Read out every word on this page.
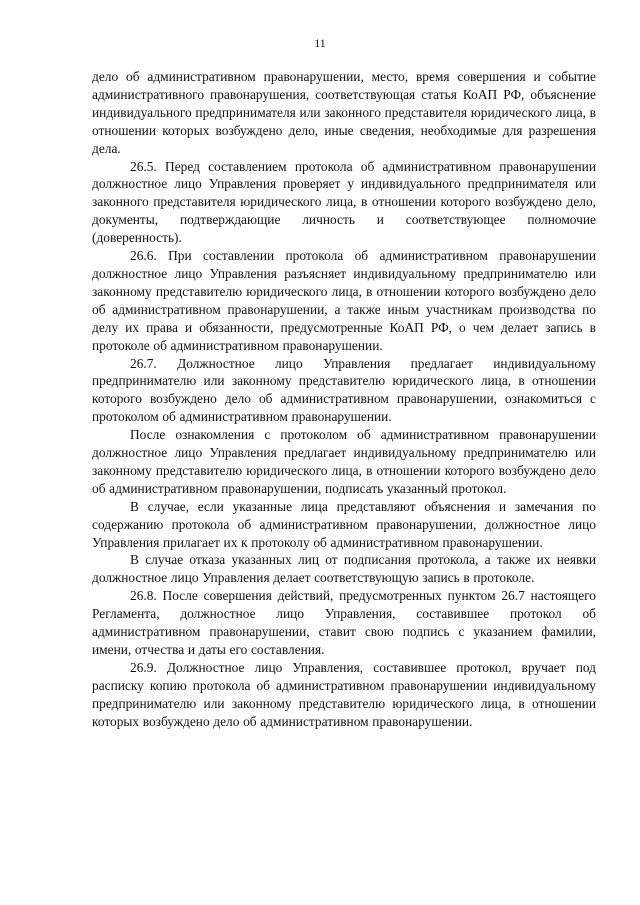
11

дело об административном правонарушении, место, время совершения и событие административного правонарушения, соответствующая статья КоАП РФ, объяснение индивидуального предпринимателя или законного представителя юридического лица, в отношении которых возбуждено дело, иные сведения, необходимые для разрешения дела.

26.5. Перед составлением протокола об административном правонарушении должностное лицо Управления проверяет у индивидуального предпринимателя или законного представителя юридического лица, в отношении которого возбуждено дело, документы, подтверждающие личность и соответствующее полномочие (доверенность).

26.6. При составлении протокола об административном правонарушении должностное лицо Управления разъясняет индивидуальному предпринимателю или законному представителю юридического лица, в отношении которого возбуждено дело об административном правонарушении, а также иным участникам производства по делу их права и обязанности, предусмотренные КоАП РФ, о чем делает запись в протоколе об административном правонарушении.

26.7. Должностное лицо Управления предлагает индивидуальному предпринимателю или законному представителю юридического лица, в отношении которого возбуждено дело об административном правонарушении, ознакомиться с протоколом об административном правонарушении.

После ознакомления с протоколом об административном правонарушении должностное лицо Управления предлагает индивидуальному предпринимателю или законному представителю юридического лица, в отношении которого возбуждено дело об административном правонарушении, подписать указанный протокол.

В случае, если указанные лица представляют объяснения и замечания по содержанию протокола об административном правонарушении, должностное лицо Управления прилагает их к протоколу об административном правонарушении.

В случае отказа указанных лиц от подписания протокола, а также их неявки должностное лицо Управления делает соответствующую запись в протоколе.

26.8. После совершения действий, предусмотренных пунктом 26.7 настоящего Регламента, должностное лицо Управления, составившее протокол об административном правонарушении, ставит свою подпись с указанием фамилии, имени, отчества и даты его составления.

26.9. Должностное лицо Управления, составившее протокол, вручает под расписку копию протокола об административном правонарушении индивидуальному предпринимателю или законному представителю юридического лица, в отношении которых возбуждено дело об административном правонарушении.
